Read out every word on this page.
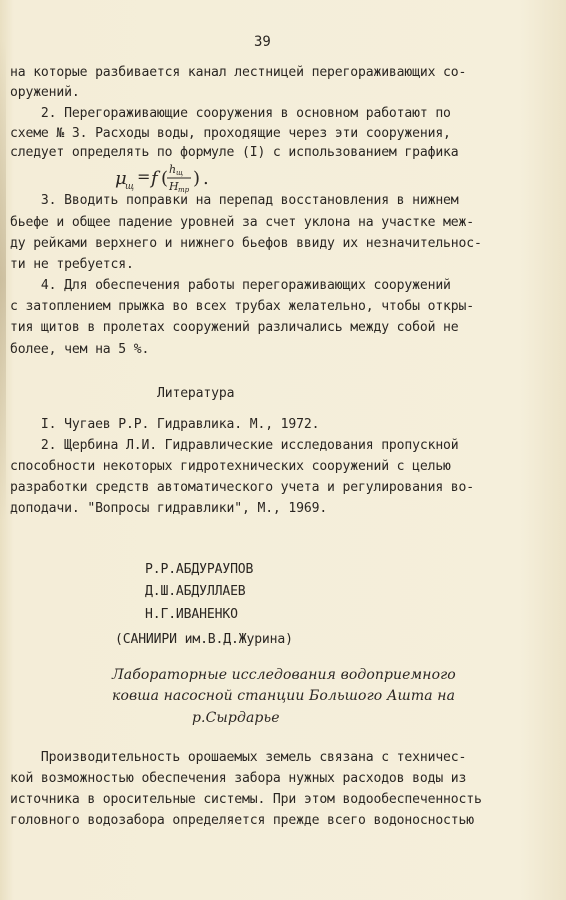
39
на которые разбивается канал лестницей перегораживающих со-
оружений.
2. Перегораживающие сооружения в основном работают по
схеме № 3. Расходы воды, проходящие через эти сооружения,
следует определять по формуле (I) с использованием графика
μ
щ
= f ( h щ
H тр
) .
3. Вводить поправки на перепад восстановления в нижнем
бьефе и общее падение уровней за счет уклона на участке меж-
ду рейками верхнего и нижнего бьефов ввиду их незначительнос-
ти не требуется.
4. Для обеспечения работы перегораживающих сооружений
с затоплением прыжка во всех трубах желательно, чтобы откры-
тия щитов в пролетах сооружений различались между собой не
более, чем на 5 %.
Литература
I. Чугаев Р.Р. Гидравлика. М., 1972.
2. Щербина Л.И. Гидравлические исследования пропускной
способности некоторых гидротехнических сооружений с целью
разработки средств автоматического учета и регулирования во-
доподачи. "Вопросы гидравлики", М., 1969.
Р.Р.АБДУРАУПОВ
Д.Ш.АБДУЛЛАЕВ
Н.Г.ИВАНЕНКО
(САНИИРИ им.В.Д.Журина)
Лабораторные исследования водоприемного
ковша насосной станции Большого Ашта на
р.Сырдарье
Производительность орошаемых земель связана с техничес-
кой возможностью обеспечения забора нужных расходов воды из
источника в оросительные системы. При этом водообеспеченность
головного водозабора определяется прежде всего водоносностью
